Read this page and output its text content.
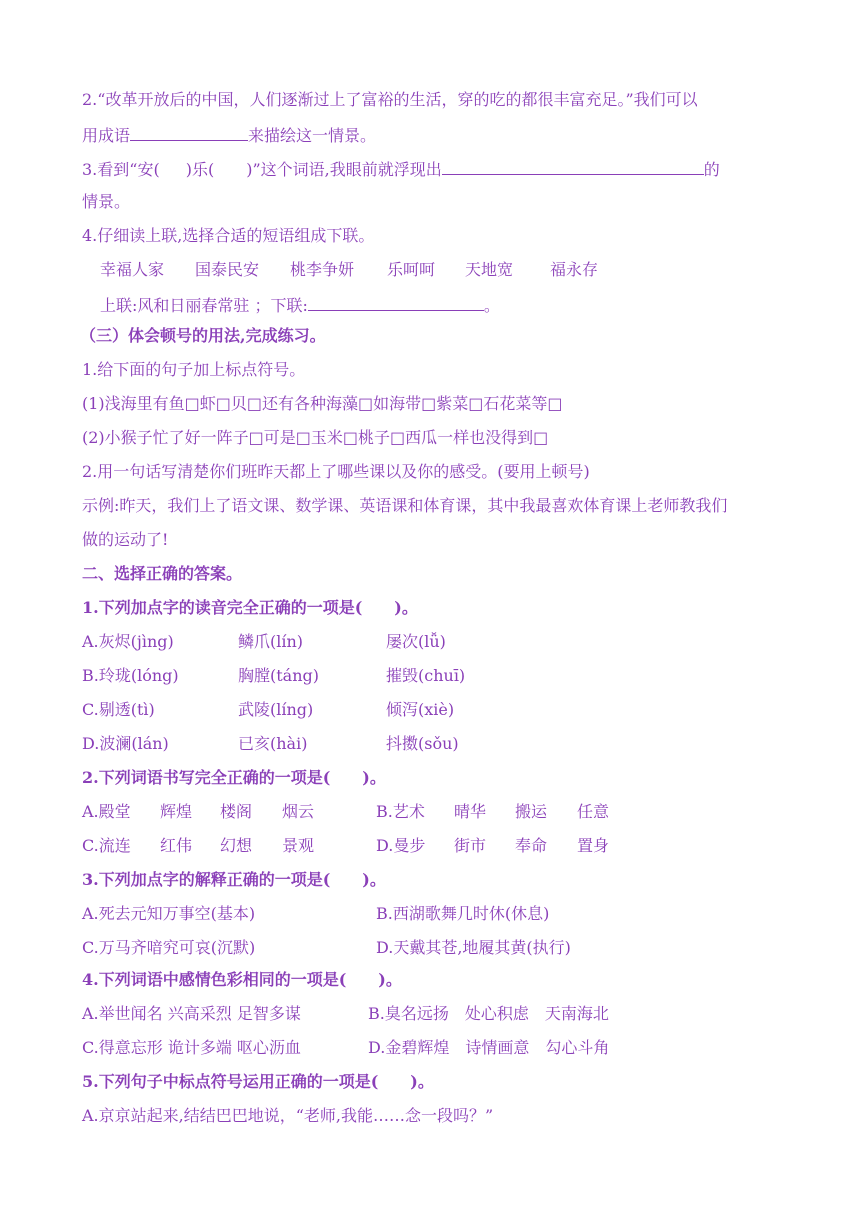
2.“改革开放后的中国，人们逐渐过上了富裕的生活，穿的吃的都很丰富充足。”我们可以
用成语	来描绘这一情景。
3.看到“安( )乐( )”这个词语,我眼前就浮现出	的
情景。
4.仔细读上联,选择合适的短语组成下联。
幸福人家 国泰民安 桃李争妍 乐呵呵 天地宽 福永存
上联:风和日丽春常驻 ；下联:	。
（三）体会顿号的用法,完成练习。
1.给下面的句子加上标点符号。
(1)浅海里有鱼□虾□贝□还有各种海藻□如海带□紫菜□石花菜等□
(2)小猴子忙了好一阵子□可是□玉米□桃子□西瓜一样也没得到□
2.用一句话写清楚你们班昨天都上了哪些课以及你的感受。(要用上顿号)
示例:昨天，我们上了语文课、数学课、英语课和体育课，其中我最喜欢体育课上老师教我们
做的运动了!
二、选择正确的答案。
1.下列加点字的读音完全正确的一项是(　　)。
A.灰烬(jìng)	鳞爪(lín)	屡次(lǚ)
B.玲珑(lóng)	胸膛(táng)	摧毁(chuī)
C.剔透(tì)	武陵(líng)	倾泻(xiè)
D.波澜(lán)	已亥(hài)	抖擞(sǒu)
2.下列词语书写完全正确的一项是(　　)。
A.殿堂 辉煌 楼阁 烟云	B.艺术 晴华 搬运 任意
C.流连 红伟 幻想 景观	D.曼步 街市 奉命 置身
3.下列加点字的解释正确的一项是(　　)。
A.死去元知万事空(基本)	B.西湖歌舞几时休(休息)
C.万马齐喑究可哀(沉默)	D.天戴其苍,地履其黄(执行)
4.下列词语中感情色彩相同的一项是(　　)。
A.举世闻名 兴高采烈 足智多谋	B.臭名远扬　处心积虑　天南海北
C.得意忘形 诡计多端 呕心沥血	D.金碧辉煌　诗情画意　勾心斗角
5.下列句子中标点符号运用正确的一项是(　　)。
A.京京站起来,结结巴巴地说，“老师,我能……念一段吗？”
